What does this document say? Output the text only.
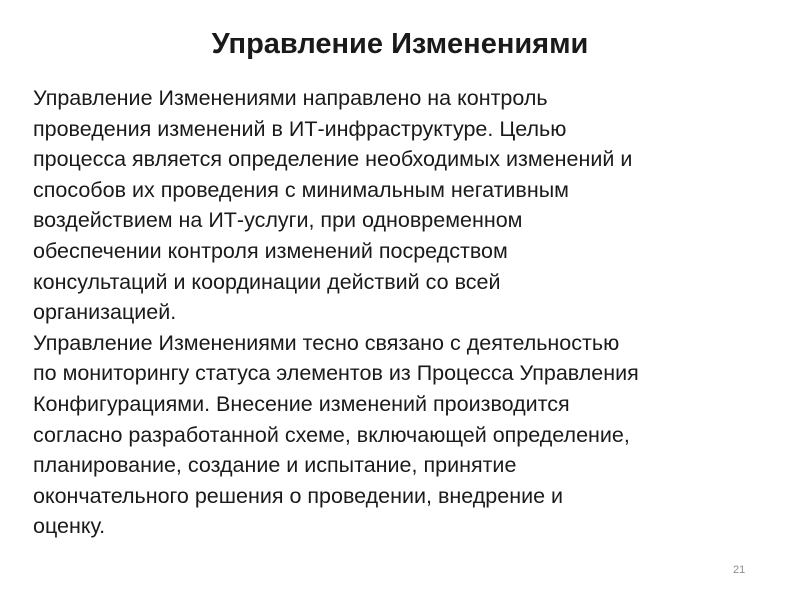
Управление Изменениями
Управление Изменениями направлено на контроль
проведения изменений в ИТ-инфраструктуре. Целью
процесса является определение необходимых изменений и
способов их проведения с минимальным негативным
воздействием на ИТ-услуги, при одновременном
обеспечении контроля изменений посредством
консультаций и координации действий со всей
организацией.
Управление Изменениями тесно связано с деятельностью
по мониторингу статуса элементов из Процесса Управления
Конфигурациями. Внесение изменений производится
согласно разработанной схеме, включающей определение,
планирование, создание и испытание, принятие
окончательного решения о проведении, внедрение и
оценку.
21
